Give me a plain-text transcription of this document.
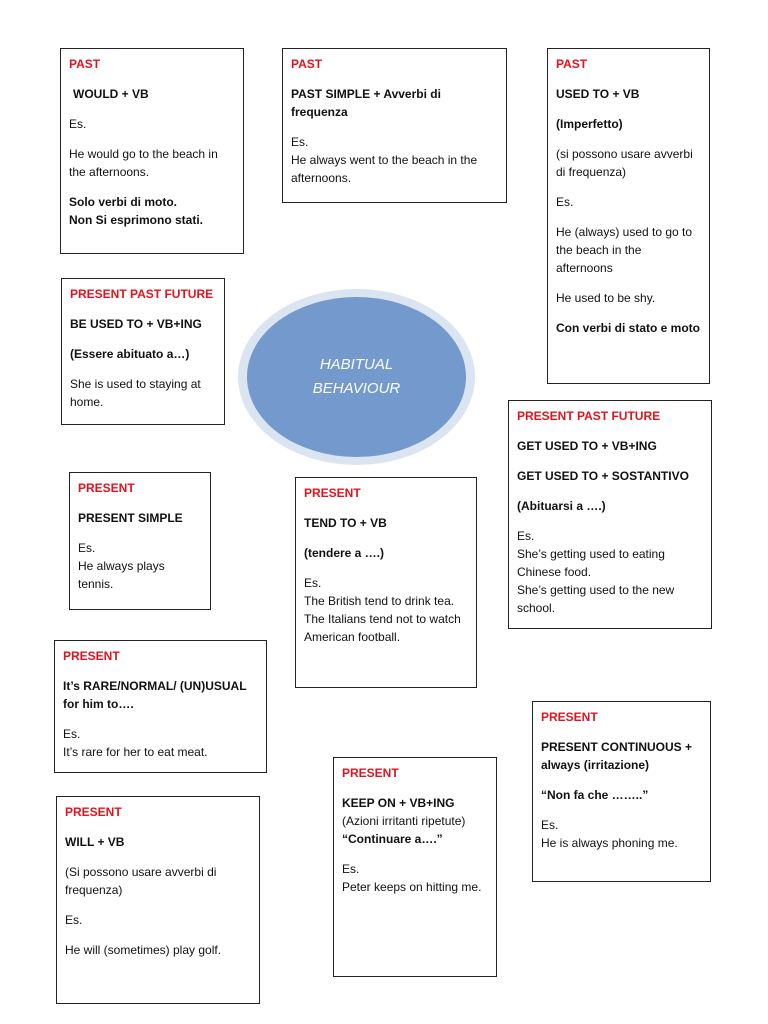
HABITUAL
BEHAVIOUR

PAST

WOULD + VB

Es.

He would go to the beach in the afternoons.

Solo verbi di moto.

Non Si esprimono stati.

PAST

PAST SIMPLE + Avverbi di frequenza

Es.

He always went to the beach in the afternoons.

PAST

USED TO + VB

(Imperfetto)

(si possono usare avverbi di frequenza)

Es.

He (always) used to go to the beach in the afternoons

He used to be shy.

Con verbi di stato e moto

PRESENT PAST FUTURE

BE USED TO + VB+ING

(Essere abituato a…)

She is used to staying at home.

PRESENT PAST FUTURE

GET USED TO + VB+ING

GET USED TO + SOSTANTIVO

(Abituarsi a ….)

Es.

She’s getting used to eating Chinese food.

She’s getting used to the new school.

PRESENT

PRESENT SIMPLE

Es.

He always plays tennis.

PRESENT

TEND TO + VB

(tendere a ….)

Es.

The British tend to drink tea.

The Italians tend not to watch American football.

PRESENT

It’s RARE/NORMAL/ (UN)USUAL for him to….

Es.

It’s rare for her to eat meat.

PRESENT

PRESENT CONTINUOUS + always (irritazione)

“Non fa che ……..”

Es.

He is always phoning me.

PRESENT

KEEP ON + VB+ING

(Azioni irritanti ripetute)

“Continuare a….”

Es.

Peter keeps on hitting me.

PRESENT

WILL + VB

(Si possono usare avverbi di frequenza)

Es.

He will (sometimes) play golf.
